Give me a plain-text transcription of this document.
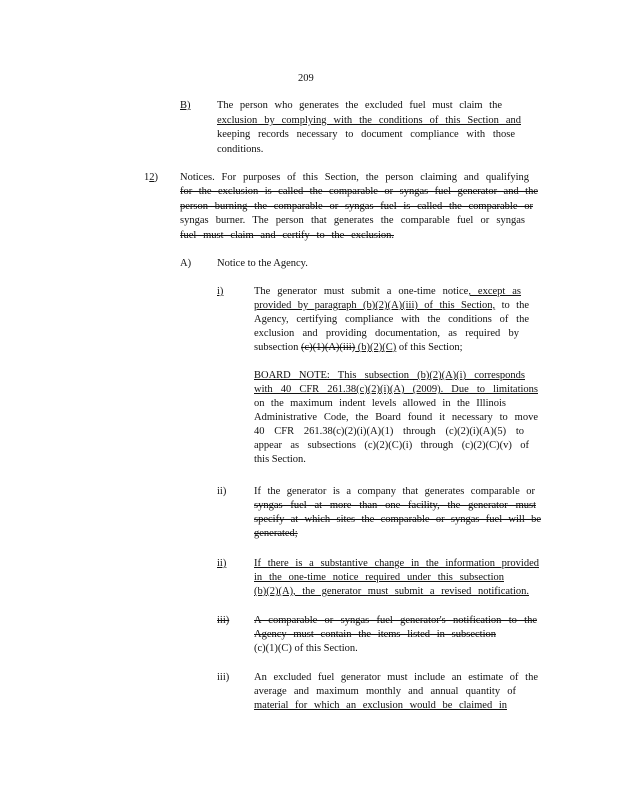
209
B)	The person who generates the excluded fuel must claim the
exclusion by complying with the conditions of this Section and
keeping records necessary to document compliance with those
conditions.
12) Notices. For purposes of this Section, the person claiming and qualifying
for the exclusion is called the comparable or syngas fuel generator and the
person burning the comparable or syngas fuel is called the comparable or
syngas burner. The person that generates the comparable fuel or syngas
fuel must claim and certify to the exclusion.
A) Notice to the Agency.
i)	The generator must submit a one-time notice, except as
provided by paragraph (b)(2)(A)(iii) of this Section, to the
Agency, certifying compliance with the conditions of the
exclusion and providing documentation, as required by
subsection (c)(1)(A)(iii) (b)(2)(C) of this Section;
BOARD NOTE: This subsection (b)(2)(A)(i) corresponds
with 40 CFR 261.38(c)(2)(i)(A) (2009). Due to limitations
on the maximum indent levels allowed in the Illinois
Administrative Code, the Board found it necessary to move
40 CFR 261.38(c)(2)(i)(A)(1) through (c)(2)(i)(A)(5) to
appear as subsections (c)(2)(C)(i) through (c)(2)(C)(v) of
this Section.
ii)	If the generator is a company that generates comparable or
syngas fuel at more than one facility, the generator must
specify at which sites the comparable or syngas fuel will be
generated;
ii)	If there is a substantive change in the information provided
in the one-time notice required under this subsection
(b)(2)(A), the generator must submit a revised notification.
iii) A comparable or syngas fuel generator's notification to the
Agency must contain the items listed in subsection
(c)(1)(C) of this Section.
iii) An excluded fuel generator must include an estimate of the
average and maximum monthly and annual quantity of
material for which an exclusion would be claimed in
